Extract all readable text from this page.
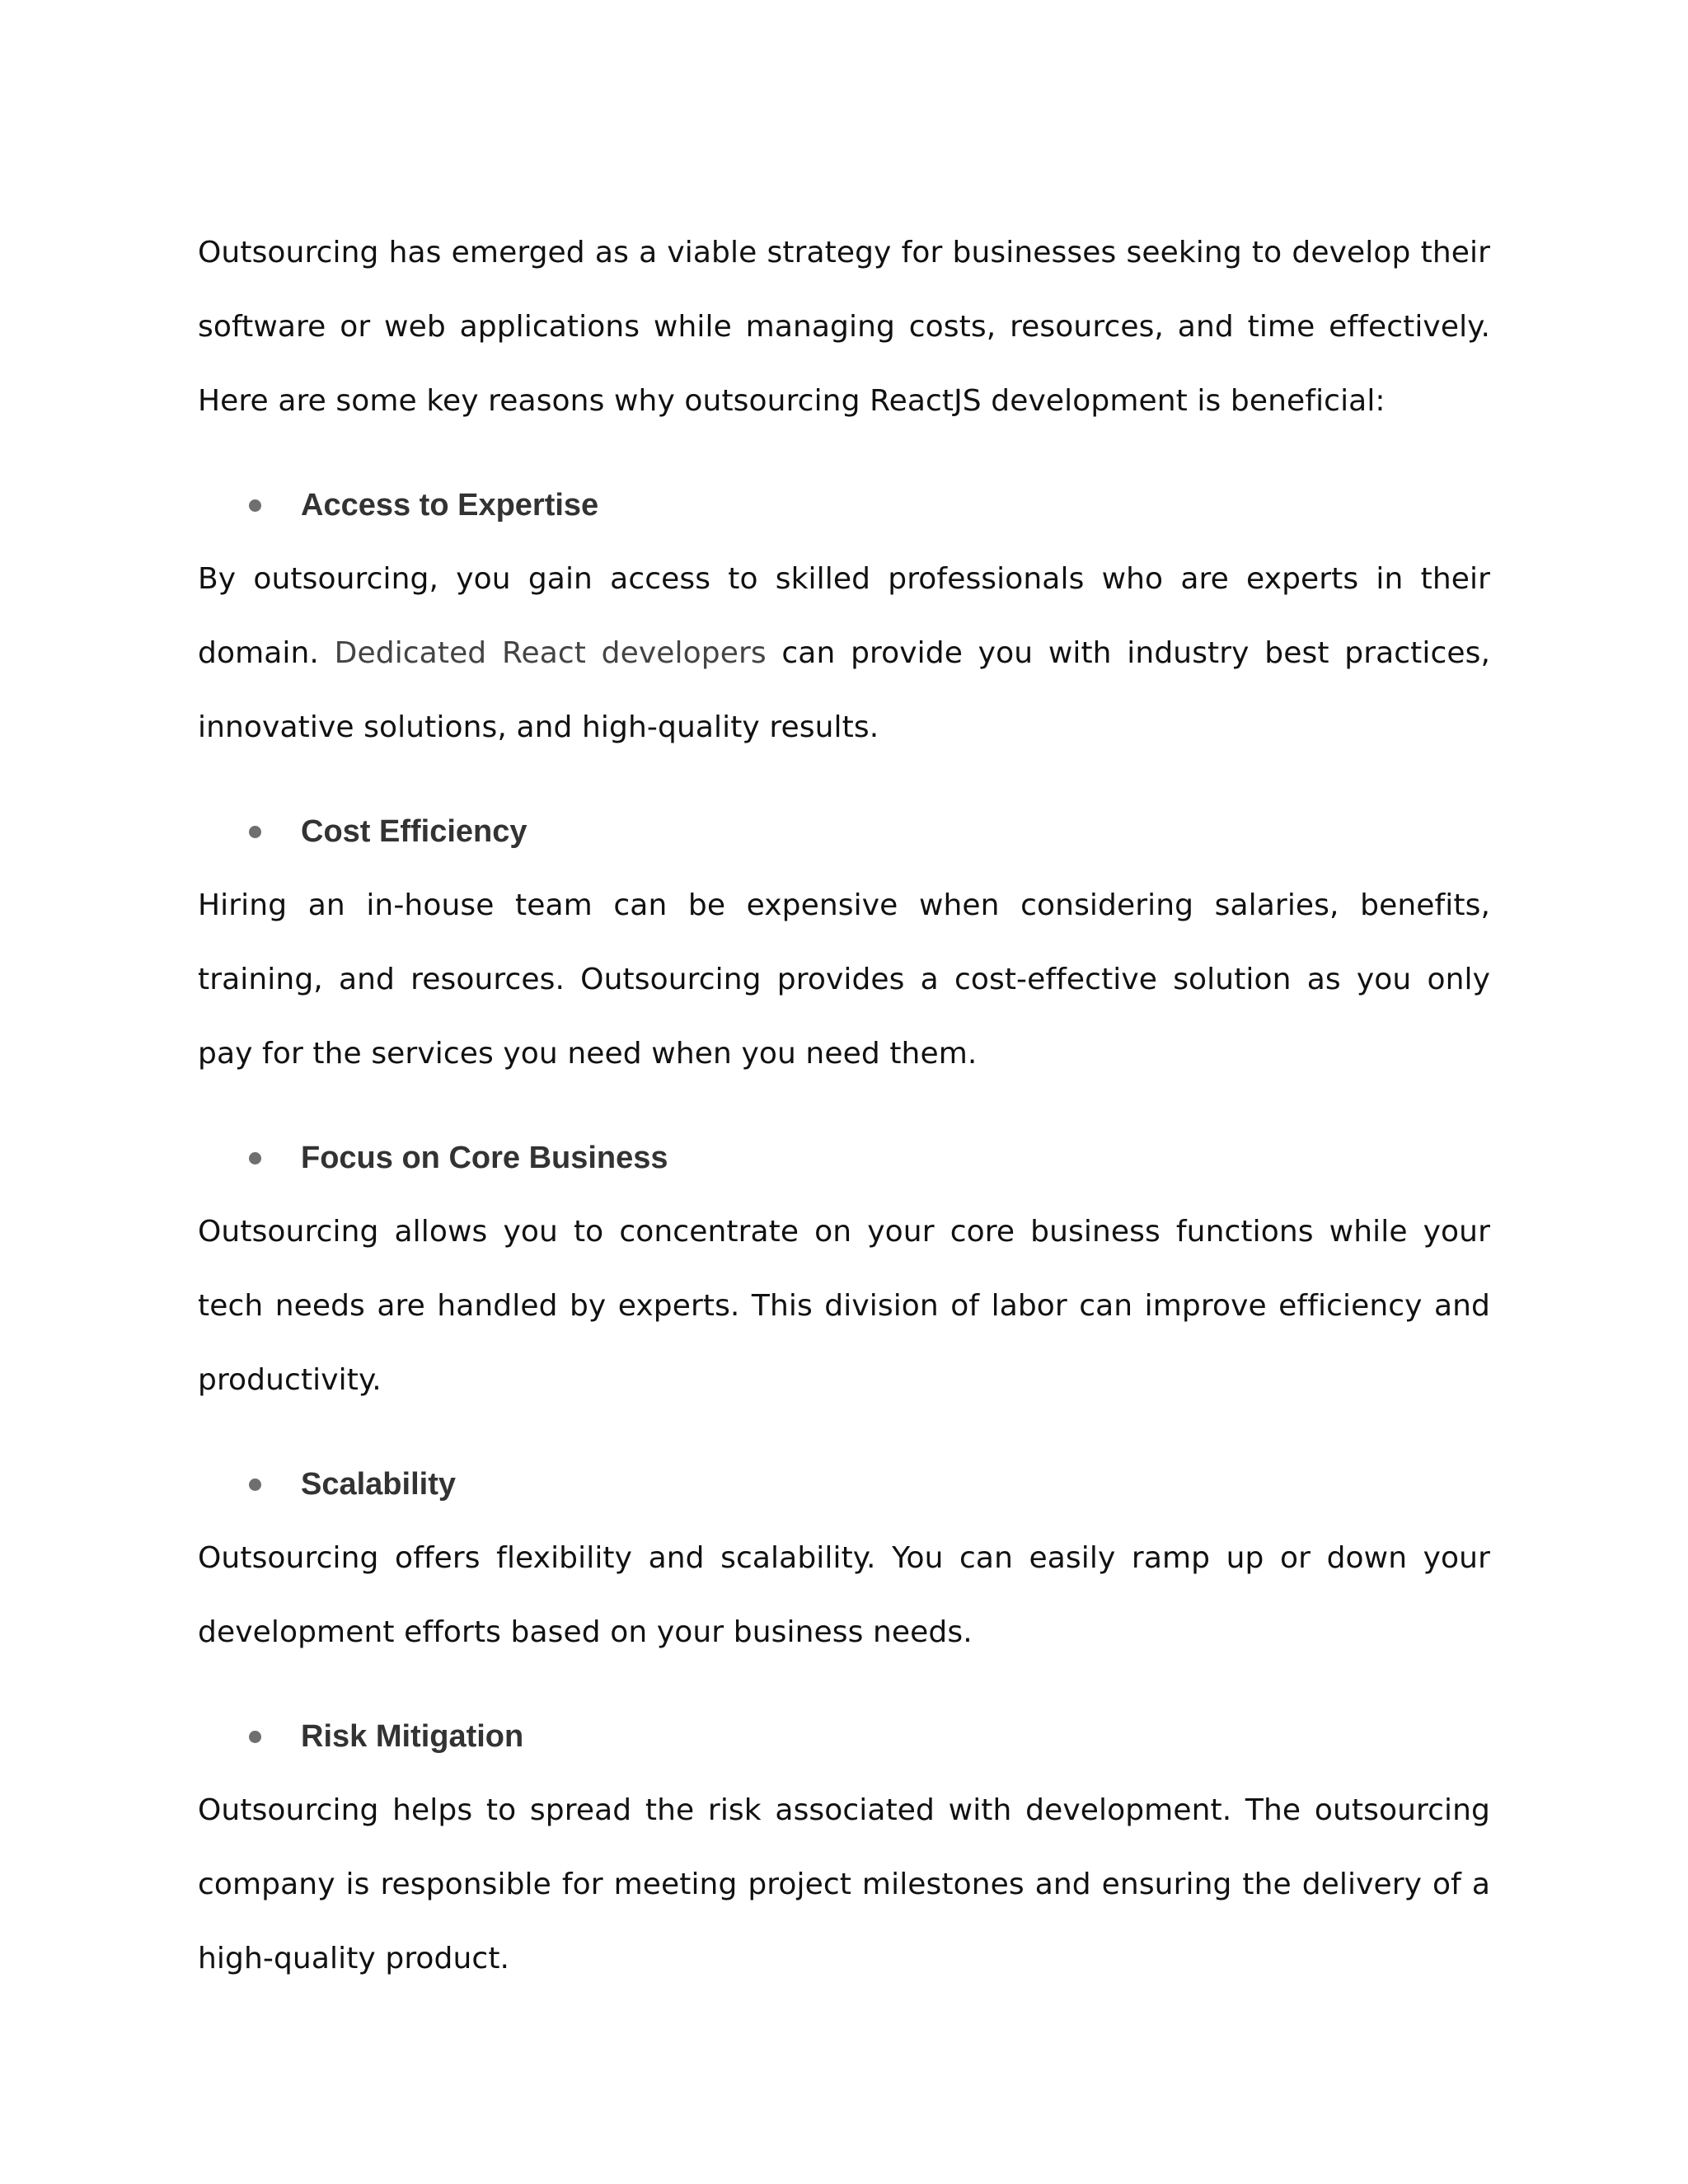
Outsourcing has emerged as a viable strategy for businesses seeking to develop their software or web applications while managing costs, resources, and time effectively. Here are some key reasons why outsourcing ReactJS development is beneficial:

Access to Expertise

By outsourcing, you gain access to skilled professionals who are experts in their domain. Dedicated React developers can provide you with industry best practices, innovative solutions, and high-quality results.

Cost Efficiency

Hiring an in-house team can be expensive when considering salaries, benefits, training, and resources. Outsourcing provides a cost-effective solution as you only pay for the services you need when you need them.

Focus on Core Business

Outsourcing allows you to concentrate on your core business functions while your tech needs are handled by experts. This division of labor can improve efficiency and productivity.

Scalability

Outsourcing offers flexibility and scalability. You can easily ramp up or down your development efforts based on your business needs.

Risk Mitigation

Outsourcing helps to spread the risk associated with development. The outsourcing company is responsible for meeting project milestones and ensuring the delivery of a high-quality product.
